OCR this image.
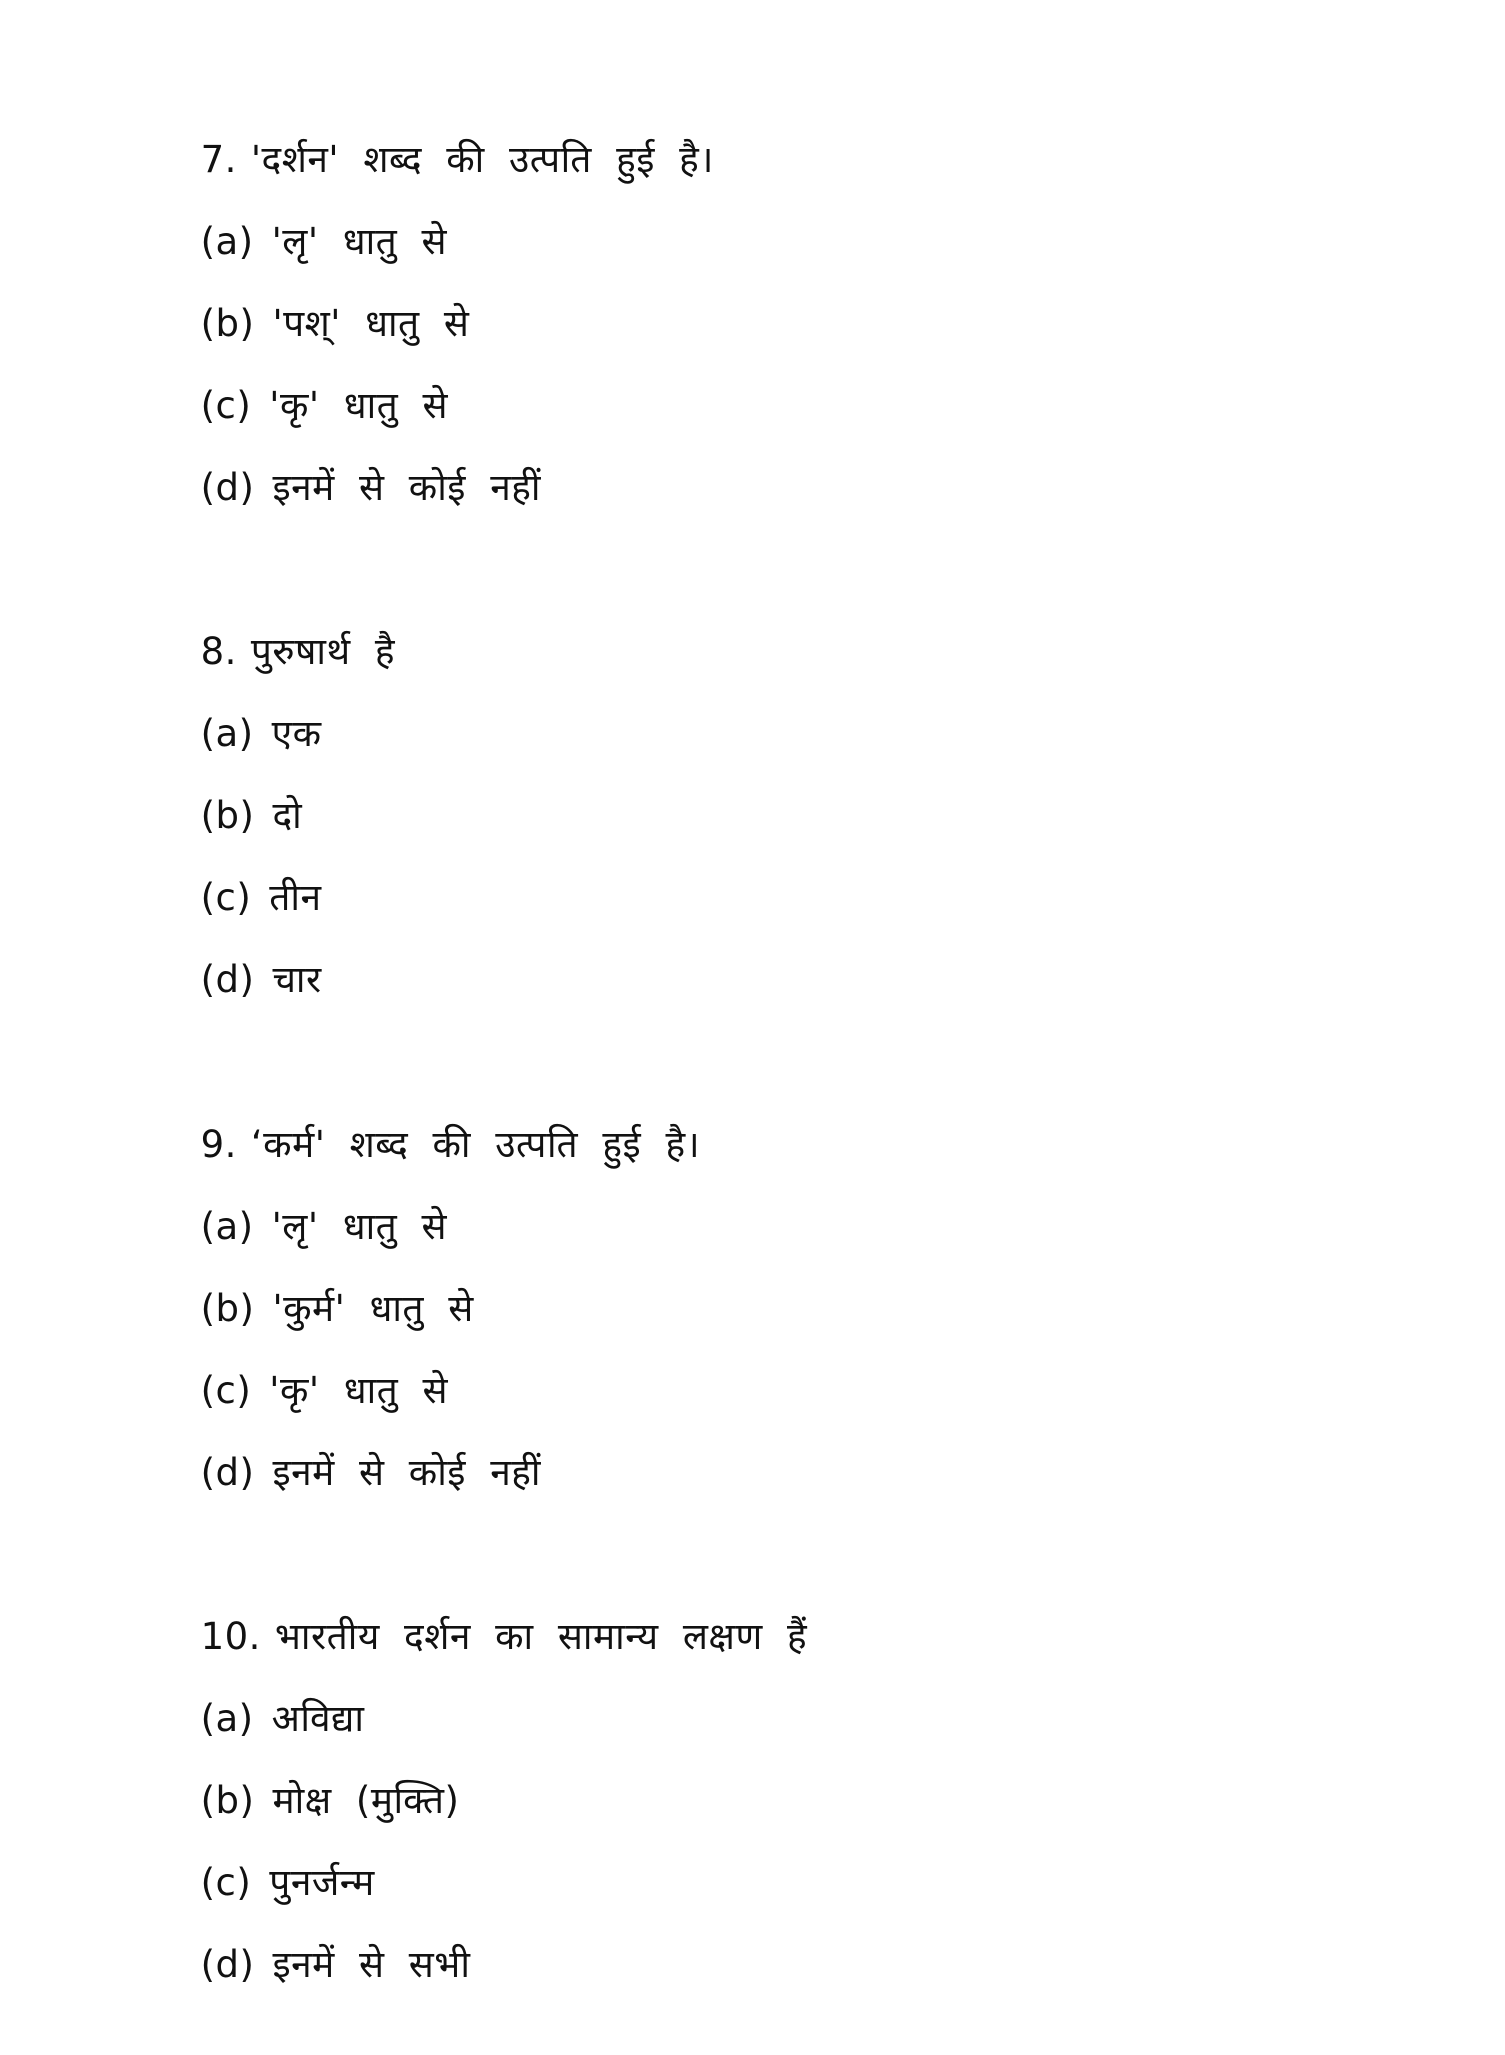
7. 'दर्शन' शब्द की उत्पति हुई है।

(a) 'लृ' धातु से

(b) 'पश्' धातु से

(c) 'कृ' धातु से

(d) इनमें से कोई नहीं

8. पुरुषार्थ है

(a) एक

(b) दो

(c) तीन

(d) चार

9. ‘कर्म' शब्द की उत्पति हुई है।

(a) 'लृ' धातु से

(b) 'कुर्म' धातु से

(c) 'कृ' धातु से

(d) इनमें से कोई नहीं

10. भारतीय दर्शन का सामान्य लक्षण हैं

(a) अविद्या

(b) मोक्ष (मुक्ति)

(c) पुनर्जन्म

(d) इनमें से सभी
